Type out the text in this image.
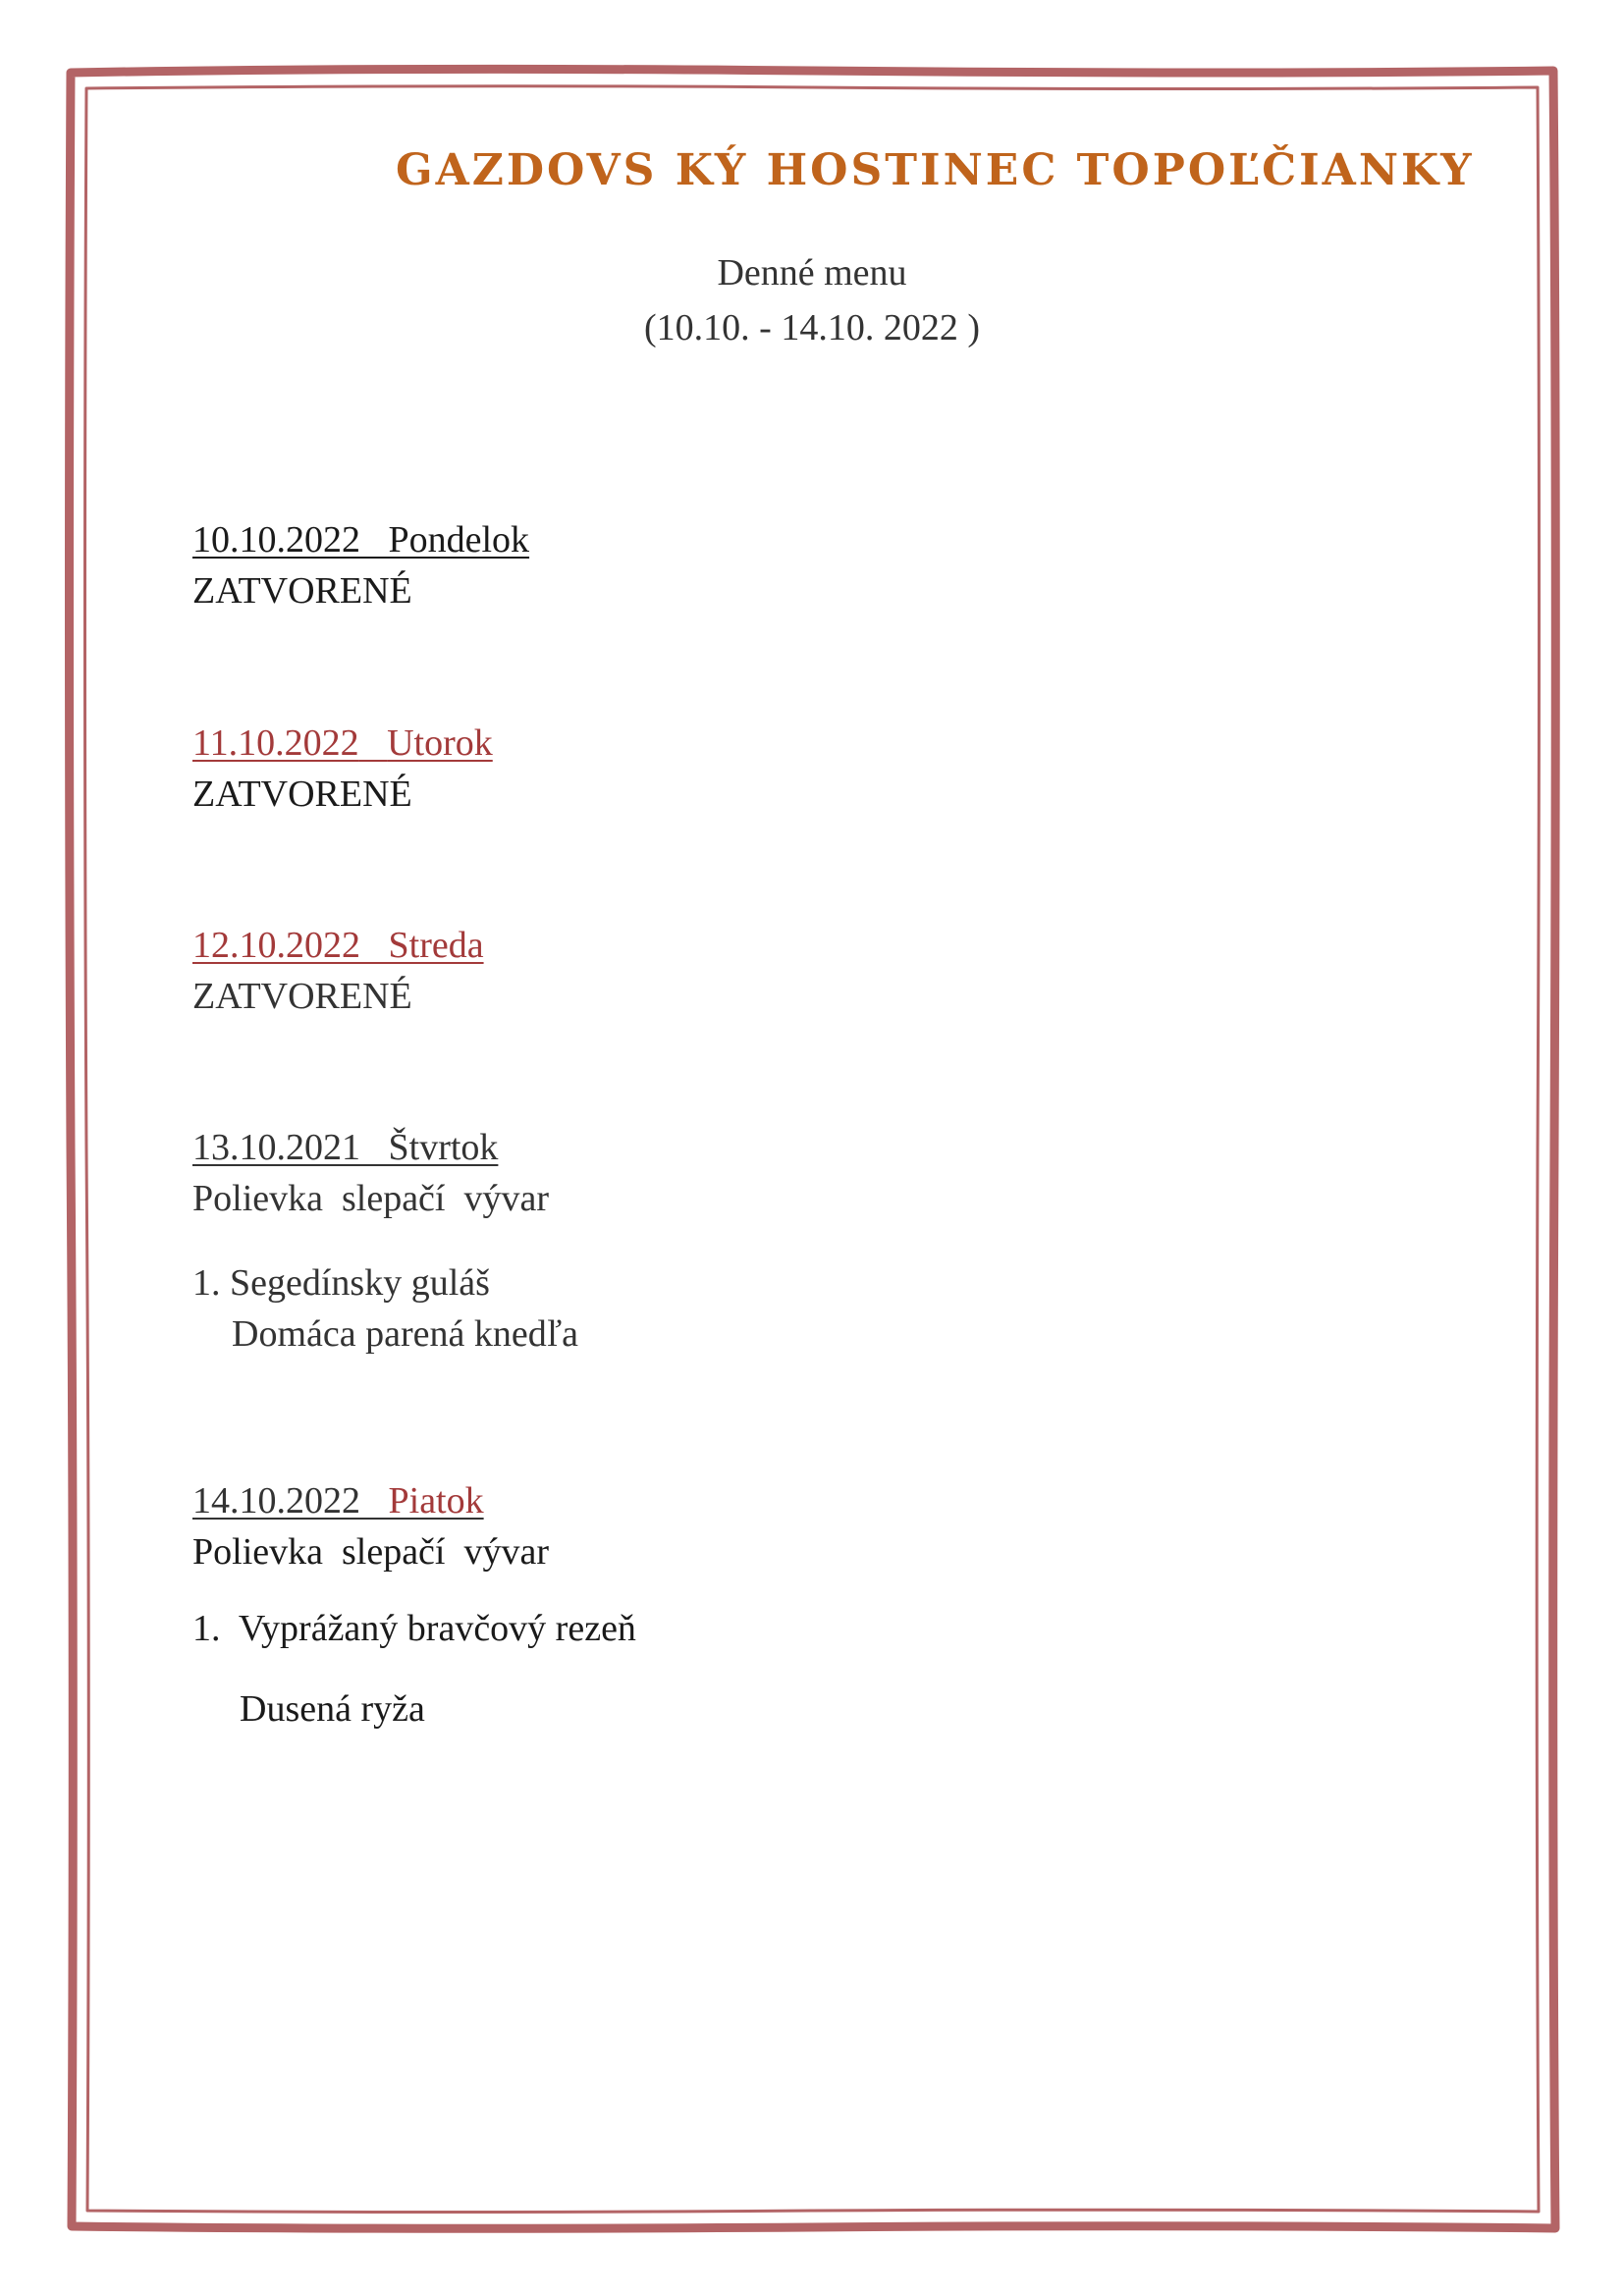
GAZDOVS KÝ HOSTINEC TOPOĽČIANKY
Denné menu
(10.10. - 14.10. 2022 )
10.10.2022 Pondelok
ZATVORENÉ
11.10.2022 Utorok
ZATVORENÉ
12.10.2022 Streda
ZATVORENÉ
13.10.2021 Štvrtok
Polievka  slepačí  vývar
1. Segedínsky guláš
Domáca parená knedľa
14.10.2022 Piatok
Polievka  slepačí  vývar
1.  Vyprážaný bravčový rezeň
Dusená ryža
